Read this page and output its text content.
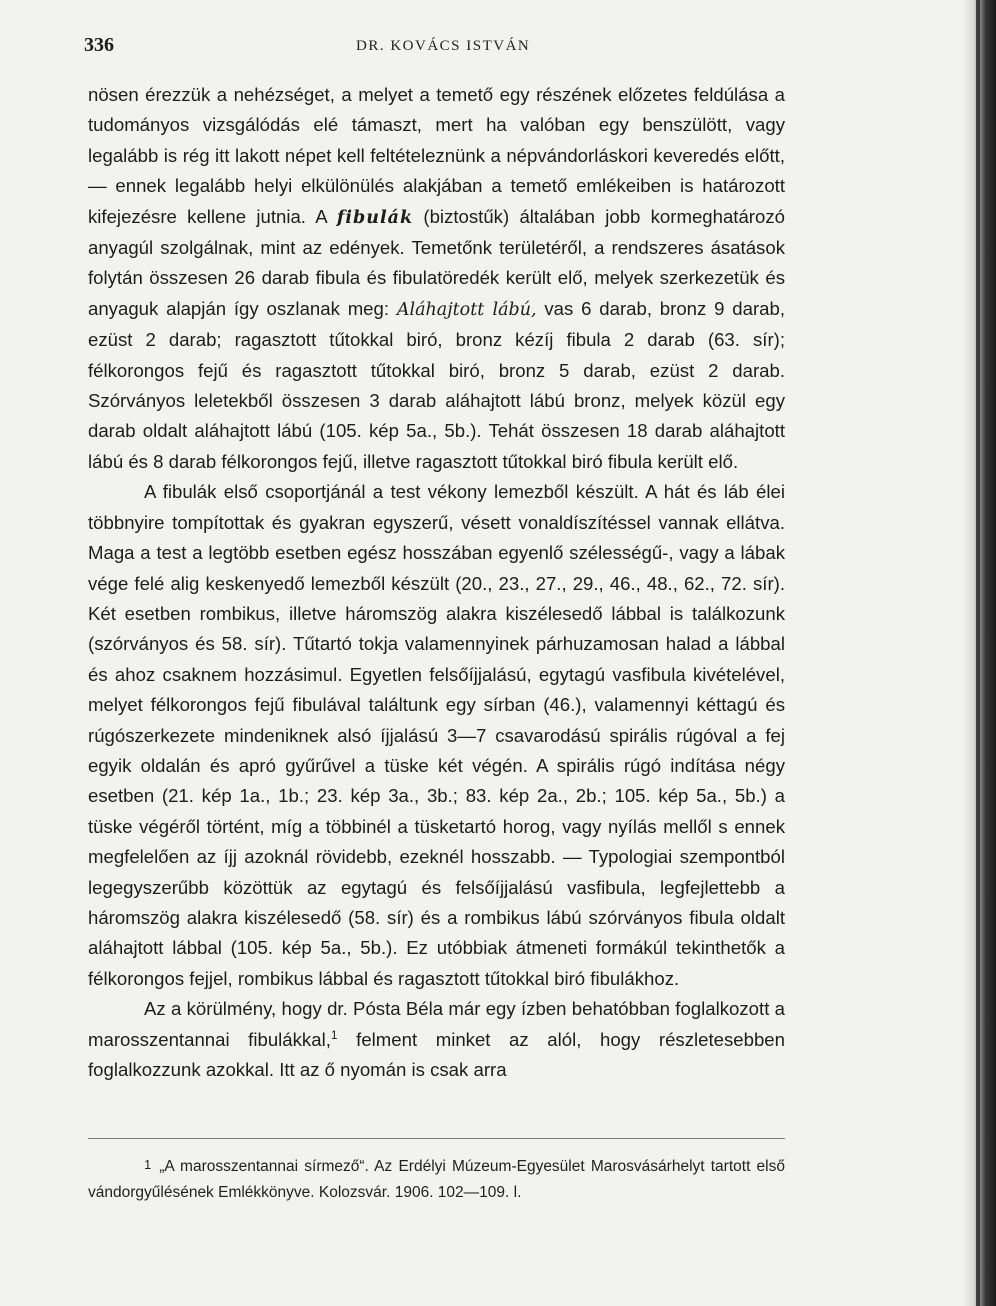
336	DR. KOVÁCS ISTVÁN

nösen érezzük a nehézséget, a melyet a temető egy részének előzetes feldúlása a tudományos vizsgálódás elé támaszt, mert ha valóban egy benszülött, vagy legalább is rég itt lakott népet kell feltételeznünk a népvándorláskori keveredés előtt, — ennek legalább helyi elkülönülés alakjában a temető emlékeiben is határozott kifejezésre kellene jutnia. A fibulák (biztostűk) általában jobb kormeghatározó anyagúl szolgálnak, mint az edények. Temetőnk területéről, a rendszeres ásatások folytán összesen 26 darab fibula és fibulatöredék került elő, melyek szerkezetük és anyaguk alapján így oszlanak meg: Aláhajtott lábú, vas 6 darab, bronz 9 darab, ezüst 2 darab; ragasztott tűtokkal biró, bronz kézíj fibula 2 darab (63. sír); félkorongos fejű és ragasztott tűtokkal biró, bronz 5 darab, ezüst 2 darab. Szórványos leletekből összesen 3 darab aláhajtott lábú bronz, melyek közül egy darab oldalt aláhajtott lábú (105. kép 5a., 5b.). Tehát összesen 18 darab aláhajtott lábú és 8 darab félkorongos fejű, illetve ragasztott tűtokkal biró fibula került elő.

A fibulák első csoportjánál a test vékony lemezből készült. A hát és láb élei többnyire tompítottak és gyakran egyszerű, vésett vonaldíszítéssel vannak ellátva. Maga a test a legtöbb esetben egész hosszában egyenlő szélességű-, vagy a lábak vége felé alig keskenyedő lemezből készült (20., 23., 27., 29., 46., 48., 62., 72. sír). Két esetben rombikus, illetve háromszög alakra kiszélesedő lábbal is találkozunk (szórványos és 58. sír). Tűtartó tokja valamennyinek párhuzamosan halad a lábbal és ahoz csaknem hozzásimul. Egyetlen felsőíjjalású, egytagú vasfibula kivételével, melyet félkorongos fejű fibulával találtunk egy sírban (46.), valamennyi kéttagú és rúgószerkezete mindeniknek alsó íjjalású 3—7 csavarodású spirális rúgóval a fej egyik oldalán és apró gyűrűvel a tüske két végén. A spirális rúgó indítása négy esetben (21. kép 1a., 1b.; 23. kép 3a., 3b.; 83. kép 2a., 2b.; 105. kép 5a., 5b.) a tüske végéről történt, míg a többinél a tüsketartó horog, vagy nyílás mellől s ennek megfelelően az íjj azoknál rövidebb, ezeknél hosszabb. — Typologiai szempontból legegyszerűbb közöttük az egytagú és felsőíjjalású vasfibula, legfejlettebb a háromszög alakra kiszélesedő (58. sír) és a rombikus lábú szórványos fibula oldalt aláhajtott lábbal (105. kép 5a., 5b.). Ez utóbbiak átmeneti formákúl tekinthetők a félkorongos fejjel, rombikus lábbal és ragasztott tűtokkal biró fibulákhoz.

Az a körülmény, hogy dr. Pósta Béla már egy ízben behatóbban foglalkozott a marosszentannai fibulákkal,$^1$ felment minket az alól, hogy részletesebben foglalkozzunk azokkal. Itt az ő nyomán is csak arra

1 „A marosszentannai sírmező“. Az Erdélyi Múzeum-Egyesület Marosvásárhelyt tartott első vándorgyűlésének Emlékkönyve. Kolozsvár. 1906. 102—109. l.
